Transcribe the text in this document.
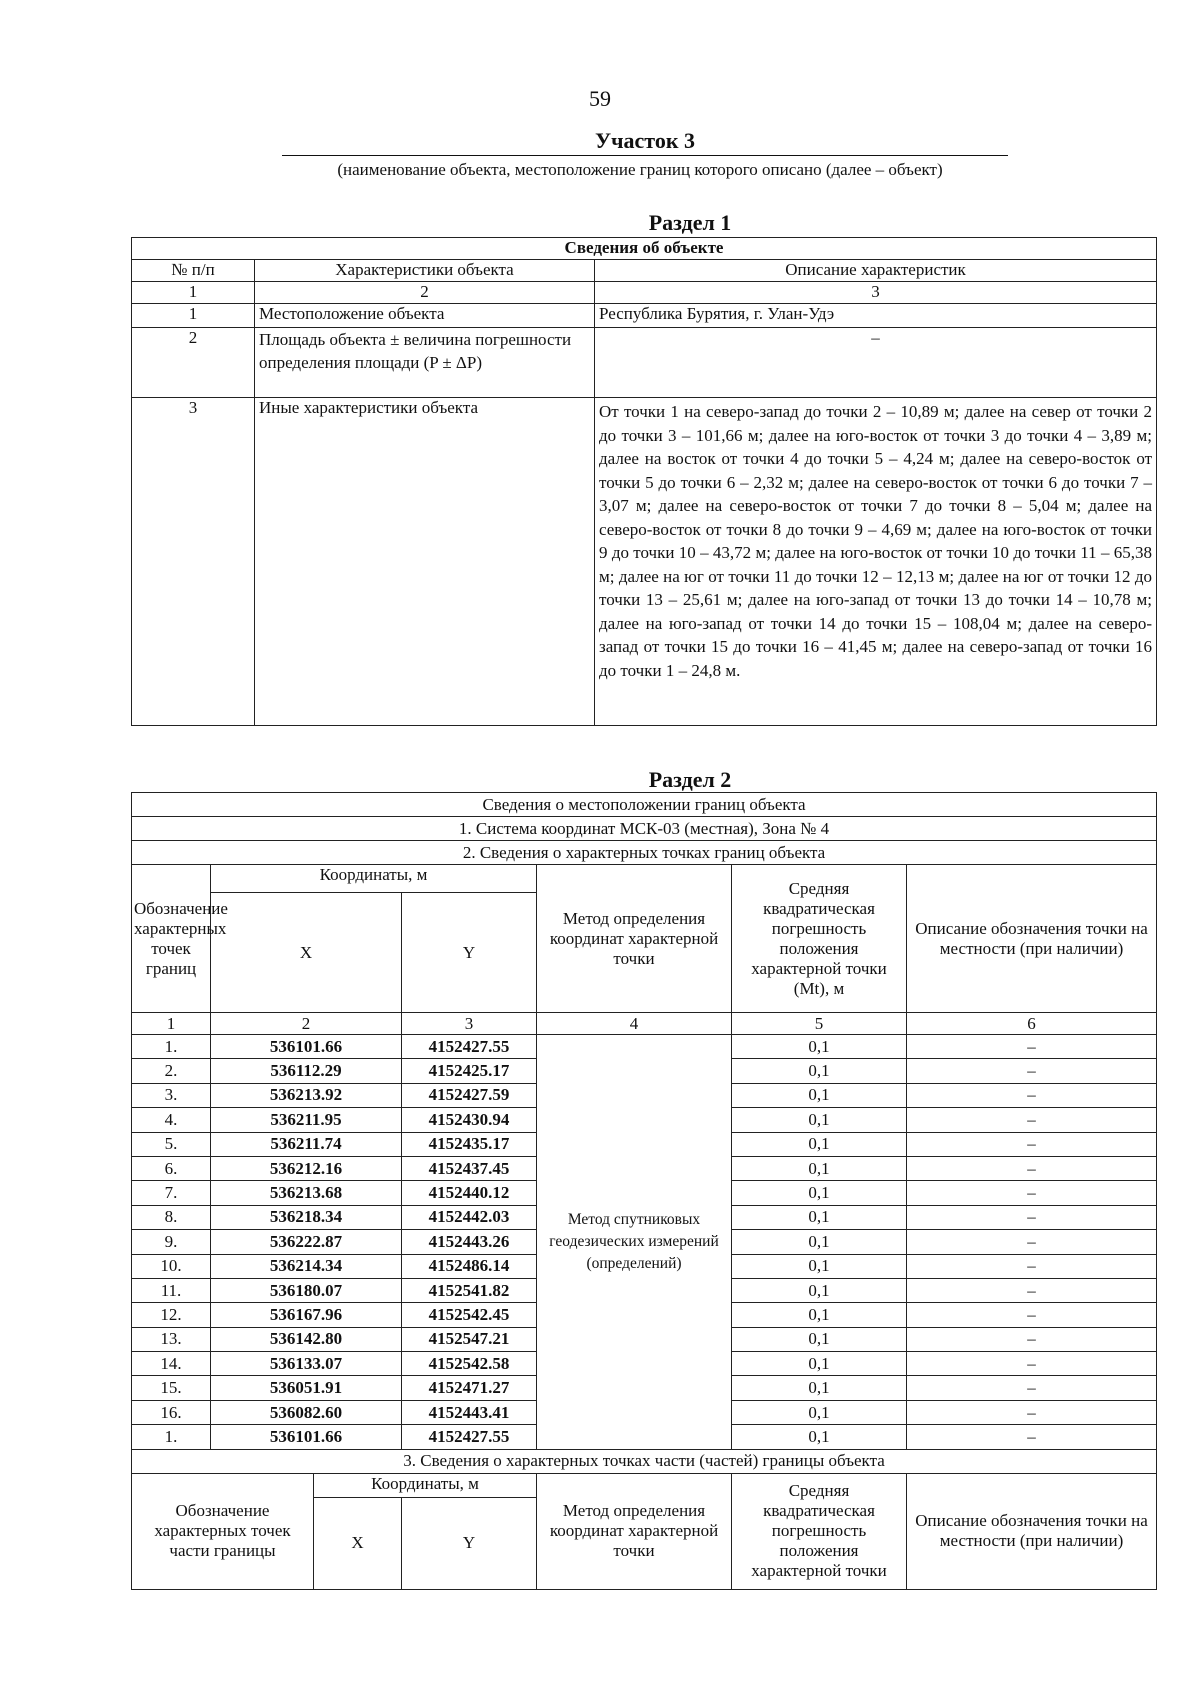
59
Участок 3
(наименование объекта, местоположение границ которого описано (далее – объект)
Раздел 1
Сведения об объекте		
№ п/п	Характеристики объекта	Описание характеристик
1	2	3
1	Местоположение объекта	Республика Бурятия, г. Улан-Удэ
2	Площадь объекта ± величина погрешности определения площади (P ± ΔP)	–
3	Иные характеристики объекта	От точки 1 на северо-запад до точки 2 – 10,89 м; далее на север от точки 2 до точки 3 – 101,66 м; далее на юго-восток от точки 3 до точки 4 – 3,89 м; далее на восток от точки 4 до точки 5 – 4,24 м; далее на северо-восток от точки 5 до точки 6 – 2,32 м; далее на северо-восток от точки 6 до точки 7 – 3,07 м; далее на северо-восток от точки 7 до точки 8 – 5,04 м; далее на северо-восток от точки 8 до точки 9 – 4,69 м; далее на юго-восток от точки 9 до точки 10 – 43,72 м; далее на юго-восток от точки 10 до точки 11 – 65,38 м; далее на юг от точки 11 до точки 12 – 12,13 м; далее на юг от точки 12 до точки 13 – 25,61 м; далее на юго-запад от точки 13 до точки 14 – 10,78 м; далее на юго-запад от точки 14 до точки 15 – 108,04 м; далее на северо-запад от точки 15 до точки 16 – 41,45 м; далее на северо-запад от точки 16 до точки 1 – 24,8 м.
Раздел 2
Сведения о местоположении границ объекта						
1. Система координат МСК-03 (местная), Зона № 4						
2. Сведения о характерных точках границ объекта						
Обозначение характерных точек границ	Координаты, м			Метод определения координат характерной точки	Средняя квадратическая погрешность положения характерной точки (Mt), м	Описание обозначения точки на местности (при наличии)
	X		Y			
1	2		3	4	5	6
1.	536101.66		4152427.55	Метод спутниковых геодезических измерений (определений)	0,1	–
2.	536112.29		4152425.17		0,1	–
3.	536213.92		4152427.59		0,1	–
4.	536211.95		4152430.94		0,1	–
5.	536211.74		4152435.17		0,1	–
6.	536212.16		4152437.45		0,1	–
7.	536213.68		4152440.12		0,1	–
8.	536218.34		4152442.03		0,1	–
9.	536222.87		4152443.26		0,1	–
10.	536214.34		4152486.14		0,1	–
11.	536180.07		4152541.82		0,1	–
12.	536167.96		4152542.45		0,1	–
13.	536142.80		4152547.21		0,1	–
14.	536133.07		4152542.58		0,1	–
15.	536051.91		4152471.27		0,1	–
16.	536082.60		4152443.41		0,1	–
1.	536101.66		4152427.55		0,1	–
3. Сведения о характерных точках части (частей) границы объекта						
Обозначение характерных точек части границы		Координаты, м		Метод определения координат характерной точки	Средняя квадратическая погрешность положения характерной точки	Описание обозначения точки на местности (при наличии)
		X	Y			
